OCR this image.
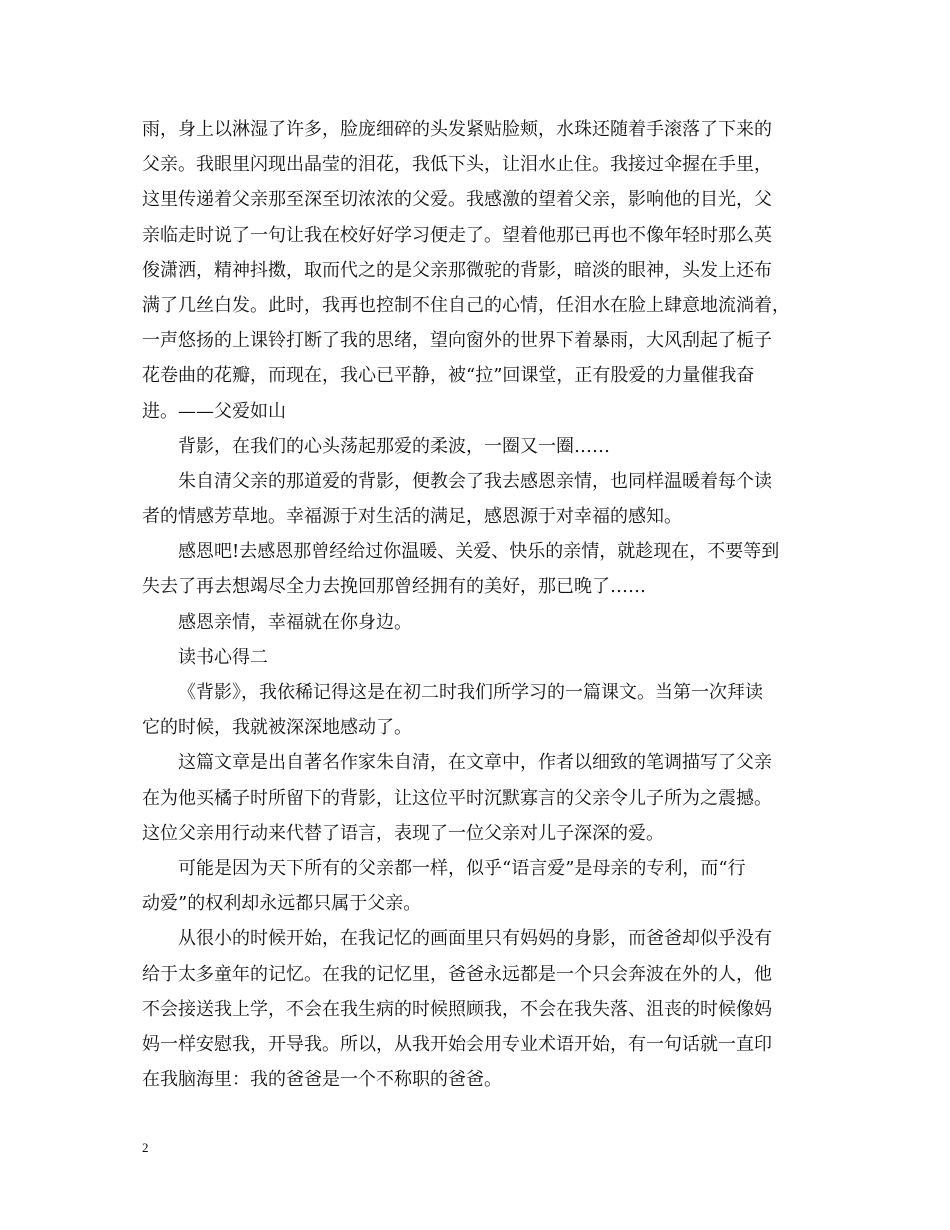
雨，身上以淋湿了许多，脸庞细碎的头发紧贴脸颊，水珠还随着手滚落了下来的
父亲。我眼里闪现出晶莹的泪花，我低下头，让泪水止住。我接过伞握在手里，
这里传递着父亲那至深至切浓浓的父爱。我感激的望着父亲，影响他的目光，父
亲临走时说了一句让我在校好好学习便走了。望着他那已再也不像年轻时那么英
俊潇洒，精神抖擞，取而代之的是父亲那微驼的背影，暗淡的眼神，头发上还布
满了几丝白发。此时，我再也控制不住自己的心情，任泪水在脸上肆意地流淌着，
一声悠扬的上课铃打断了我的思绪，望向窗外的世界下着暴雨，大风刮起了栀子
花卷曲的花瓣，而现在，我心已平静，被“拉”回课堂，正有股爱的力量催我奋
进。——父爱如山
背影，在我们的心头荡起那爱的柔波，一圈又一圈……
朱自清父亲的那道爱的背影，便教会了我去感恩亲情，也同样温暖着每个读
者的情感芳草地。幸福源于对生活的满足，感恩源于对幸福的感知。
感恩吧!去感恩那曾经给过你温暖、关爱、快乐的亲情，就趁现在，不要等到
失去了再去想竭尽全力去挽回那曾经拥有的美好，那已晚了……
感恩亲情，幸福就在你身边。
读书心得二
《背影》，我依稀记得这是在初二时我们所学习的一篇课文。当第一次拜读
它的时候，我就被深深地感动了。
这篇文章是出自著名作家朱自清，在文章中，作者以细致的笔调描写了父亲
在为他买橘子时所留下的背影，让这位平时沉默寡言的父亲令儿子所为之震撼。
这位父亲用行动来代替了语言，表现了一位父亲对儿子深深的爱。
可能是因为天下所有的父亲都一样，似乎“语言爱”是母亲的专利，而“行
动爱”的权利却永远都只属于父亲。
从很小的时候开始，在我记忆的画面里只有妈妈的身影，而爸爸却似乎没有
给于太多童年的记忆。在我的记忆里，爸爸永远都是一个只会奔波在外的人，他
不会接送我上学，不会在我生病的时候照顾我，不会在我失落、沮丧的时候像妈
妈一样安慰我，开导我。所以，从我开始会用专业术语开始，有一句话就一直印
在我脑海里：我的爸爸是一个不称职的爸爸。
2
